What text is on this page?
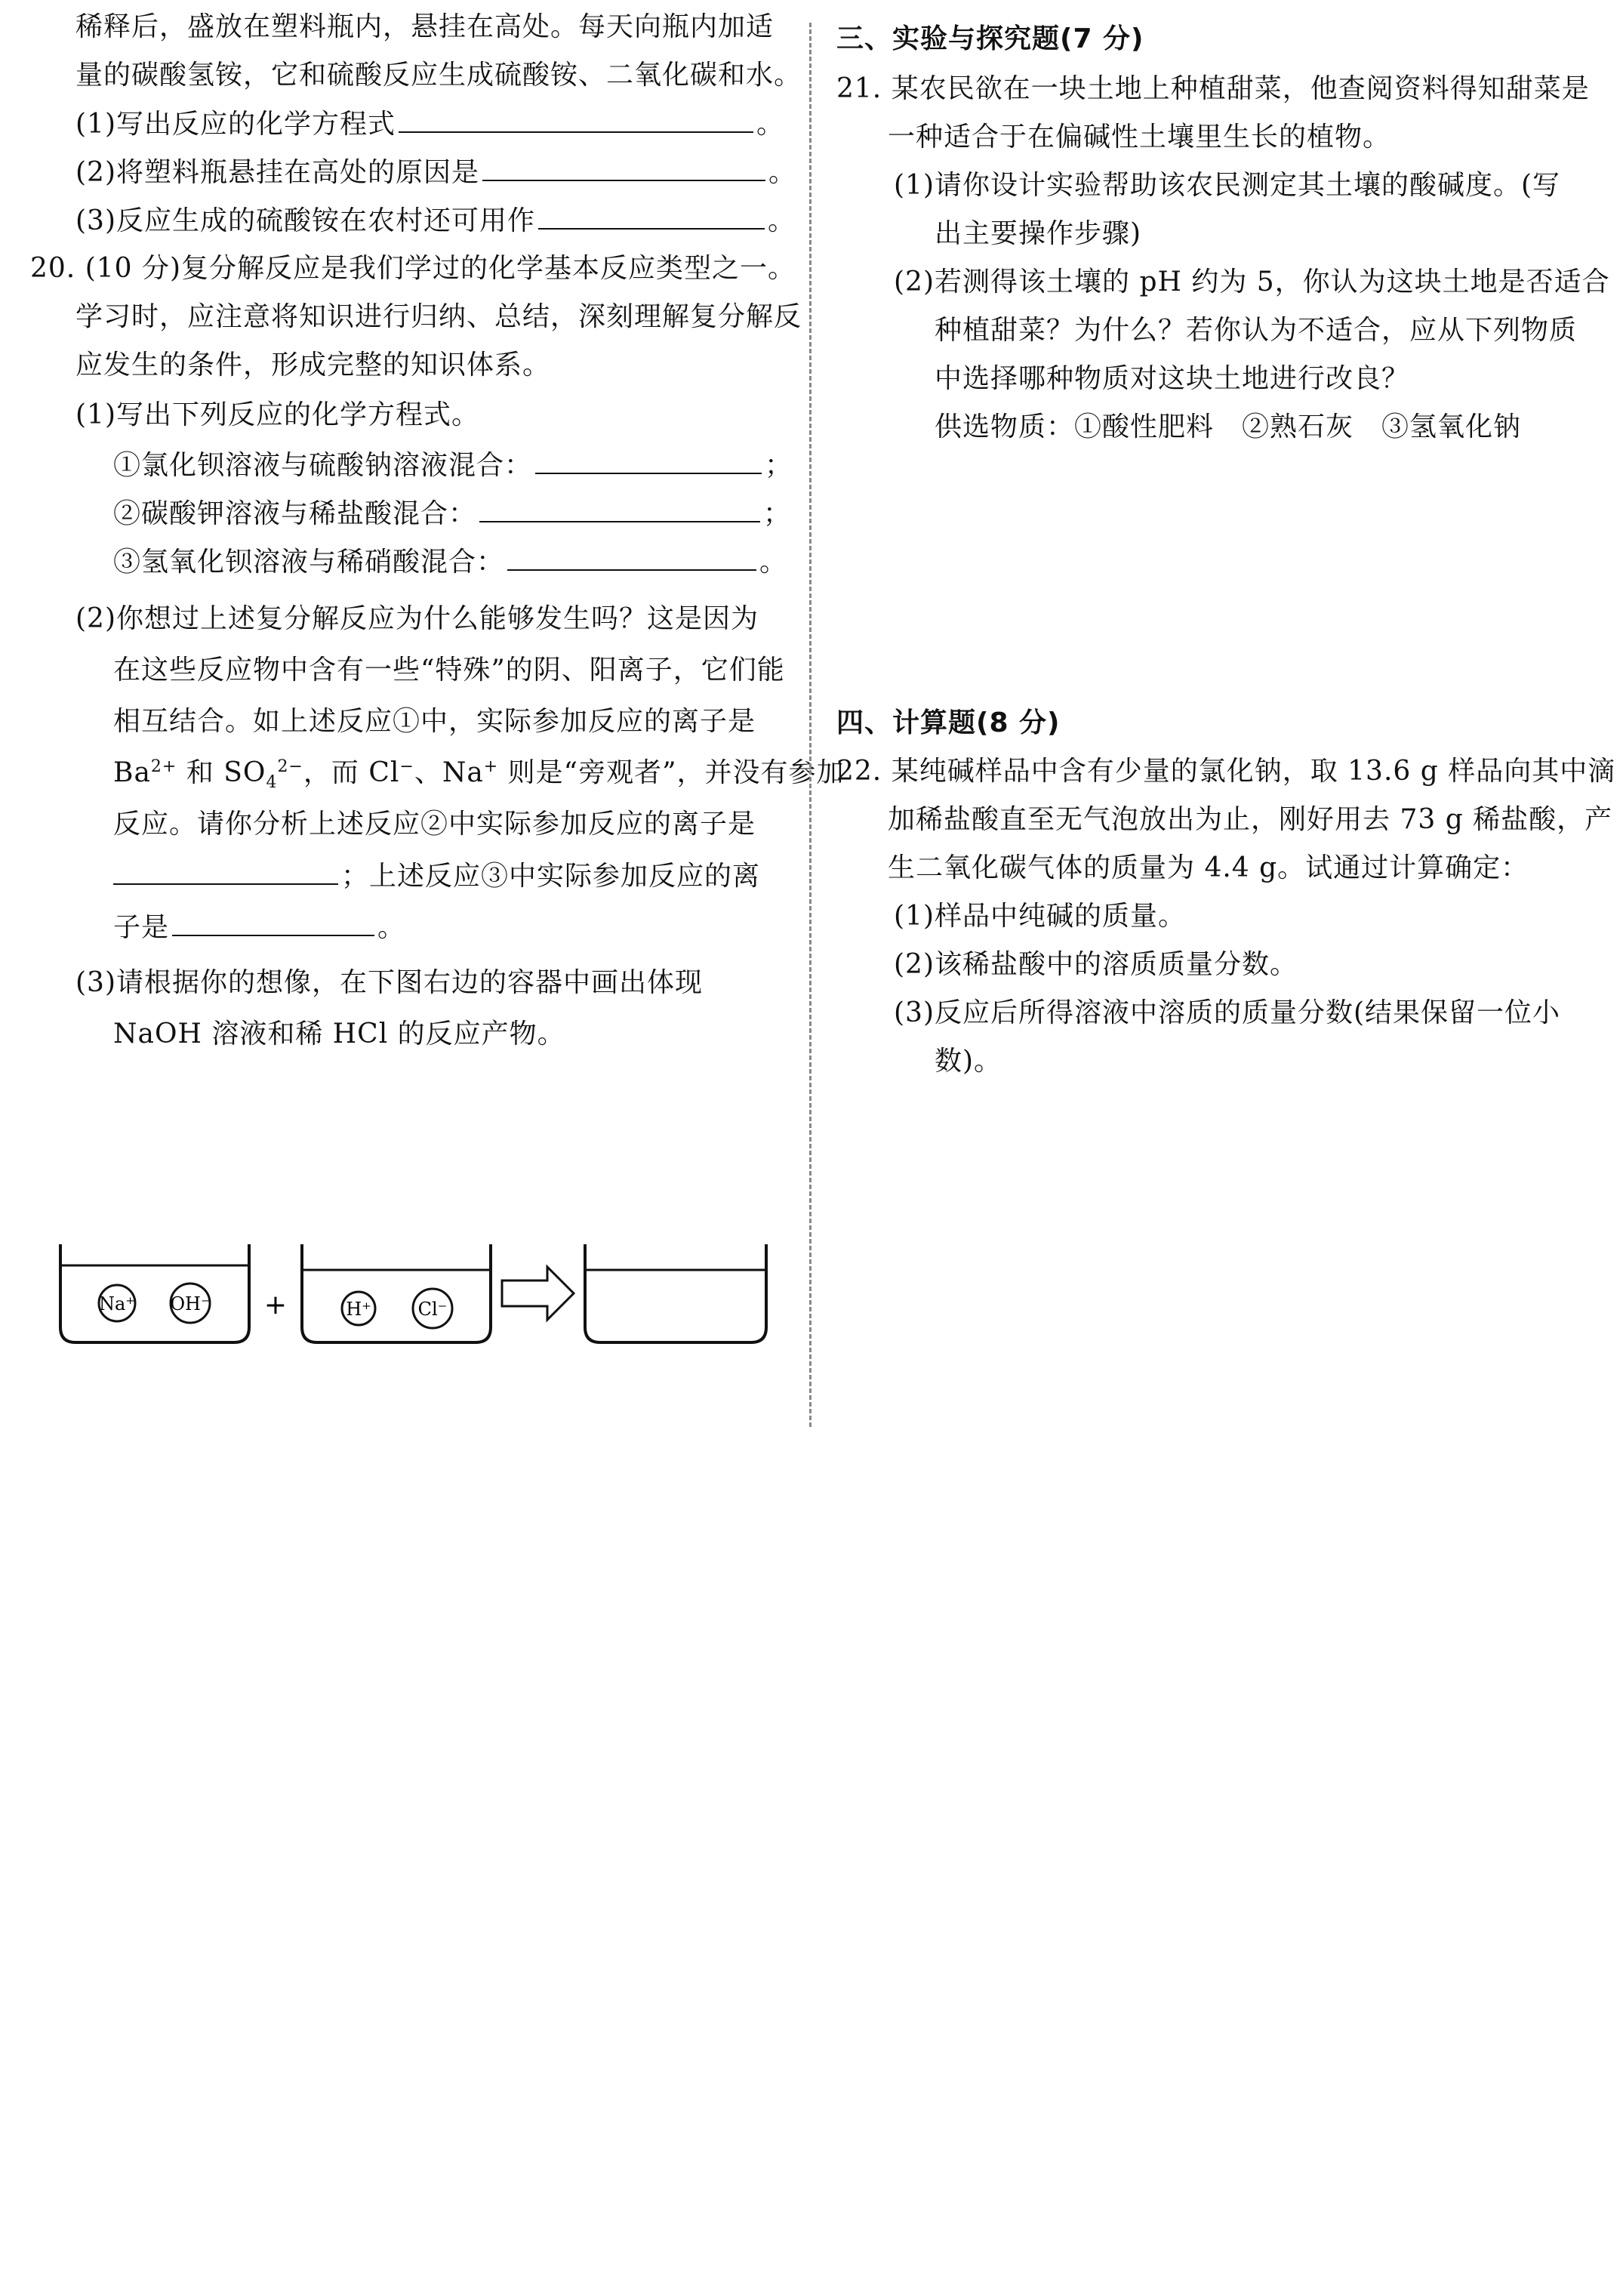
稀释后，盛放在塑料瓶内，悬挂在高处。每天向瓶内加适
量的碳酸氢铵，它和硫酸反应生成硫酸铵、二氧化碳和水。
(1)写出反应的化学方程式	。
(2)将塑料瓶悬挂在高处的原因是	。
(3)反应生成的硫酸铵在农村还可用作	。
20. (10 分)复分解反应是我们学过的化学基本反应类型之一。
学习时，应注意将知识进行归纳、总结，深刻理解复分解反
应发生的条件，形成完整的知识体系。
(1)写出下列反应的化学方程式。
①氯化钡溶液与硫酸钠溶液混合：	；
②碳酸钾溶液与稀盐酸混合：	；
③氢氧化钡溶液与稀硝酸混合：	。
(2)你想过上述复分解反应为什么能够发生吗？这是因为
在这些反应物中含有一些“特殊”的阴、阳离子，它们能
相互结合。如上述反应①中，实际参加反应的离子是
$Ba^{2+}$ 和 $SO_4^{2-}$，而 Cl−、Na+ 则是“旁观者”，并没有参加
反应。请你分析上述反应②中实际参加反应的离子是
；上述反应③中实际参加反应的离
子是	。
(3)请根据你的想像，在下图右边的容器中画出体现
NaOH 溶液和稀 HCl 的反应产物。
Na⁺ OH⁻ +	H⁺	Cl⁻
三、实验与探究题(7 分)
21. 某农民欲在一块土地上种植甜菜，他查阅资料得知甜菜是
一种适合于在偏碱性土壤里生长的植物。
(1)请你设计实验帮助该农民测定其土壤的酸碱度。(写
出主要操作步骤)
(2)若测得该土壤的 pH 约为 5，你认为这块土地是否适合
种植甜菜？为什么？若你认为不适合，应从下列物质
中选择哪种物质对这块土地进行改良？
供选物质：①酸性肥料　②熟石灰　③氢氧化钠
四、计算题(8 分)
22. 某纯碱样品中含有少量的氯化钠，取 13.6 g 样品向其中滴
加稀盐酸直至无气泡放出为止，刚好用去 73 g 稀盐酸，产
生二氧化碳气体的质量为 4.4 g。试通过计算确定：
(1)样品中纯碱的质量。
(2)该稀盐酸中的溶质质量分数。
(3)反应后所得溶液中溶质的质量分数(结果保留一位小
数)。
